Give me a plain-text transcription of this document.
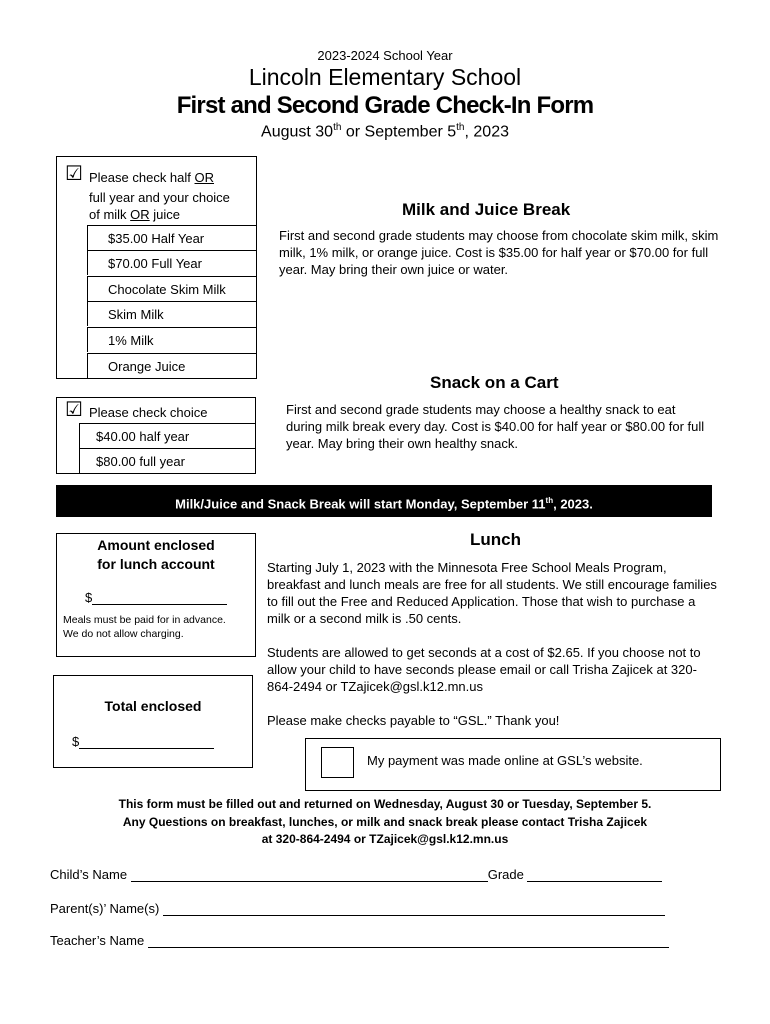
2023-2024 School Year
Lincoln Elementary School
First and Second Grade Check-In Form
August 30th or September 5th, 2023
☑ Please check half OR
full year and your choice
of milk OR juice
$35.00 Half Year
$70.00 Full Year
Chocolate Skim Milk
Skim Milk
1% Milk
Orange Juice
Milk and Juice Break
First and second grade students may choose from chocolate skim milk, skim milk, 1% milk, or orange juice. Cost is $35.00 for half year or $70.00 for full year. May bring their own juice or water.
☑ Please check choice
$40.00 half year
$80.00 full year
Snack on a Cart
First and second grade students may choose a healthy snack to eat during milk break every day. Cost is $40.00 for half year or $80.00 for full year. May bring their own healthy snack.
Milk/Juice and Snack Break will start Monday, September 11th, 2023.
Amount enclosed
for lunch account
$
Meals must be paid for in advance.
We do not allow charging.
Total enclosed
$
Lunch
Starting July 1, 2023 with the Minnesota Free School Meals Program, breakfast and lunch meals are free for all students. We still encourage families to fill out the Free and Reduced Application. Those that wish to purchase a milk or a second milk is .50 cents.
Students are allowed to get seconds at a cost of $2.65. If you choose not to allow your child to have seconds please email or call Trisha Zajicek at 320-864-2494 or TZajicek@gsl.k12.mn.us
Please make checks payable to “GSL.” Thank you!
My payment was made online at GSL’s website.
This form must be filled out and returned on Wednesday, August 30 or Tuesday, September 5.
Any Questions on breakfast, lunches, or milk and snack break please contact Trisha Zajicek
at 320-864-2494 or TZajicek@gsl.k12.mn.us
Child’s Name	Grade
Parent(s)’ Name(s)
Teacher’s Name
